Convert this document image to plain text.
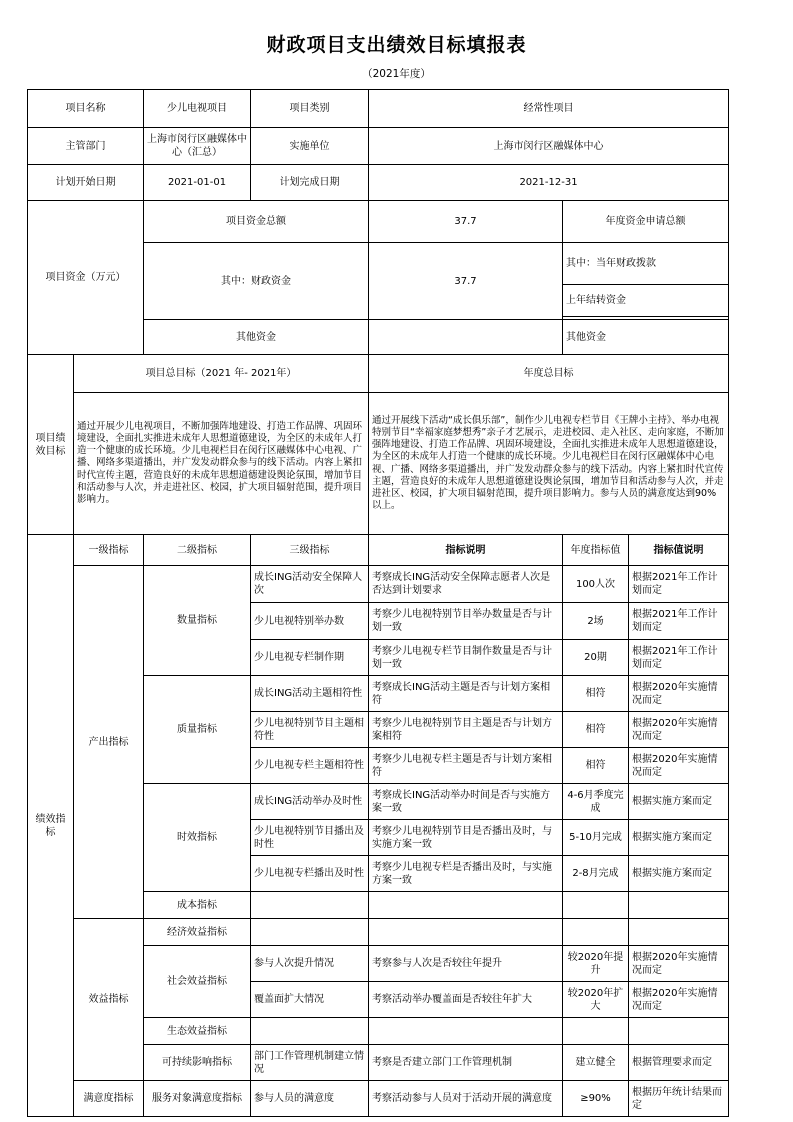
财政项目支出绩效目标填报表
（2021年度）
项目名称		少儿电视项目	项目类别	经常性项目			
主管部门		上海市闵行区融媒体中心（汇总）	实施单位	上海市闵行区融媒体中心			
计划开始日期		2021-01-01	计划完成日期	2021-12-31			
项目资金（万元）		项目资金总额		37.7	年度资金申请总额	
		其中：财政资金		37.7	其中：当年财政拨款	
					上年结转资金		

		其他资金			其他资金		
项目绩效目标	项目总目标（2021 年- 2021年）			年度总目标			
	通过开展少儿电视项目，不断加强阵地建设、打造工作品牌、巩固环境建设，全面扎实推进未成年人思想道德建设，为全区的未成年人打造一个健康的成长环境。少儿电视栏目在闵行区融媒体中心电视、广播、网络多渠道播出，并广发发动群众参与的线下活动。内容上紧扣时代宣传主题，营造良好的未成年思想道德建设舆论氛围，增加节目和活动参与人次，并走进社区、校园，扩大项目辐射范围，提升项目影响力。			通过开展线下活动“成长俱乐部”，制作少儿电视专栏节目《王牌小主持》、举办电视特别节目“幸福家庭梦想秀”亲子才艺展示，走进校园、走入社区、走向家庭，不断加强阵地建设、打造工作品牌、巩固环境建设，全面扎实推进未成年人思想道德建设，为全区的未成年人打造一个健康的成长环境。少儿电视栏目在闵行区融媒体中心电视、广播、网络多渠道播出，并广发发动群众参与的线下活动。内容上紧扣时代宣传主题，营造良好的未成年人思想道德建设舆论氛围，增加节目和活动参与人次，并走进社区、校园，扩大项目辐射范围，提升项目影响力。参与人员的满意度达到90%以上。			
绩效指标	一级指标	二级指标	三级指标	指标说明	年度指标值	指标值说明	
	产出指标	数量指标	成长ING活动安全保障人次	考察成长ING活动安全保障志愿者人次是否达到计划要求	100人次	根据2021年工作计划而定	
			少儿电视特别举办数	考察少儿电视特别节目举办数量是否与计划一致	2场	根据2021年工作计划而定	
			少儿电视专栏制作期	考察少儿电视专栏节目制作数量是否与计划一致	20期	根据2021年工作计划而定	
		质量指标	成长ING活动主题相符性	考察成长ING活动主题是否与计划方案相符	相符	根据2020年实施情况而定	
			少儿电视特别节目主题相符性	考察少儿电视特别节目主题是否与计划方案相符	相符	根据2020年实施情况而定	
			少儿电视专栏主题相符性	考察少儿电视专栏主题是否与计划方案相符	相符	根据2020年实施情况而定	
		时效指标	成长ING活动举办及时性	考察成长ING活动举办时间是否与实施方案一致	4-6月季度完成	根据实施方案而定	
			少儿电视特别节目播出及时性	考察少儿电视特别节目是否播出及时，与实施方案一致	5-10月完成	根据实施方案而定	
			少儿电视专栏播出及时性	考察少儿电视专栏是否播出及时，与实施方案一致	2-8月完成	根据实施方案而定	
		成本指标					
	效益指标	经济效益指标					
		社会效益指标	参与人次提升情况	考察参与人次是否较往年提升	较2020年提升	根据2020年实施情况而定	
			覆盖面扩大情况	考察活动举办覆盖面是否较往年扩大	较2020年扩大	根据2020年实施情况而定	
		生态效益指标					
		可持续影响指标	部门工作管理机制建立情况	考察是否建立部门工作管理机制	建立健全	根据管理要求而定	
	满意度指标	服务对象满意度指标	参与人员的满意度	考察活动参与人员对于活动开展的满意度	≥90%	根据历年统计结果而定	
